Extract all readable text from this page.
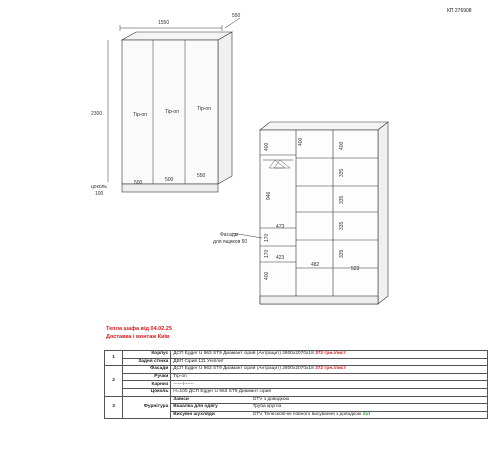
КП 276908
1550
550
2300
цоколь
100
Tip-on	Tip-on	Tip-on
500	500
550
400	400
400
335
335
335
335
946
473
423
482
523
170
170
400
Фасады
для ящиков 50
Тепла шафа від 04.02.25
Доставка і монтаж Київ
1	Корпус	ДСП Egger U 963 ST9 Диамант сірий (Антрацит) 2800x2070x18 372 грн./лист
	Задня стінка	ДВП Сірий 111 Уніплит
2	Фасади	ДСП Egger U 963 ST9 Диамант сірий (Антрацит) 2800x2070x18 372 грн./лист
	Ручки	Tip-on
	Карниз	------/------
	Цоколь	Н=100 ДСП Egger U 963 ST9 Диамант сірий
3	Фурнітура	Завіси GTV з доводкою
		Вішалка для одягу Труба кругла
		Висувні шухляди GTV Телескопічні повного висування з доводкою Zut
